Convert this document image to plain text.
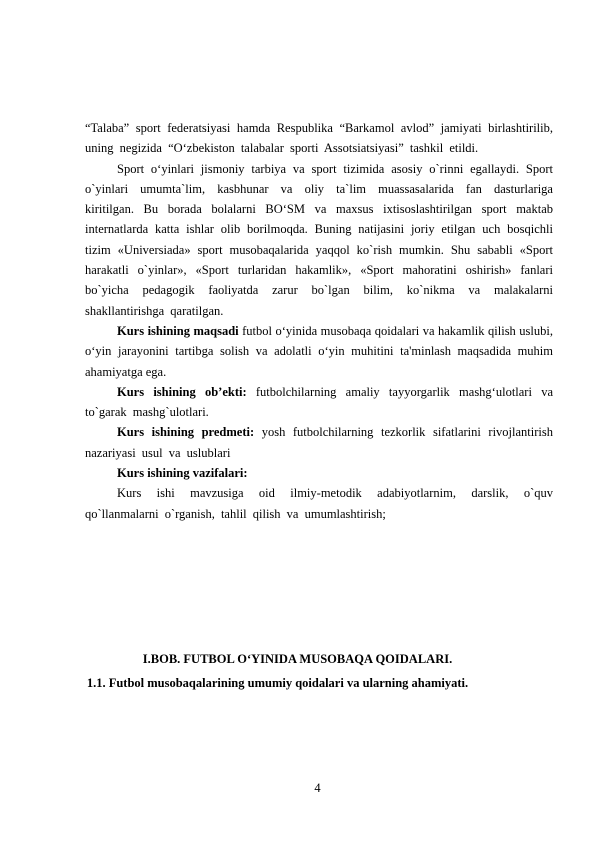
“Talaba” sport federatsiyasi hamda Respublika “Barkamol avlod” jamiyati birlashtirilib, uning negizida “O‘zbekiston talabalar sporti Assotsiatsiyasi” tashkil etildi.

Sport o‘yinlari jismoniy tarbiya va sport tizimida asosiy o`rinni egallaydi. Sport o`yinlari umumta`lim, kasbhunar va oliy ta`lim muassasalarida fan dasturlariga kiritilgan. Bu borada bolalarni BO‘SM va maxsus ixtisoslashtirilgan sport maktab internatlarda katta ishlar olib borilmoqda. Buning natijasini joriy etilgan uch bosqichli tizim «Universiada» sport musobaqalarida yaqqol ko`rish mumkin. Shu sababli «Sport harakatli o`yinlar», «Sport turlaridan hakamlik», «Sport mahoratini oshirish» fanlari bo`yicha pedagogik faoliyatda zarur bo`lgan bilim, ko`nikma va malakalarni shakllantirishga qaratilgan.

Kurs ishining maqsadi futbol o‘yinida musobaqa qoidalari va hakamlik qilish uslubi, o‘yin jarayonini tartibga solish va adolatli o‘yin muhitini ta'minlash maqsadida muhim ahamiyatga ega.

Kurs ishining ob’ekti: futbolchilarning amaliy tayyorgarlik mashg‘ulotlari va to`garak mashg`ulotlari.

Kurs ishining predmeti: yosh futbolchilarning tezkorlik sifatlarini rivojlantirish nazariyasi usul va uslublari

Kurs ishining vazifalari:

Kurs ishi mavzusiga oid ilmiy-metodik adabiyotlarnim, darslik, o`quv qo`llanmalarni o`rganish, tahlil qilish va umumlashtirish;

I.BOB. FUTBOL O‘YINIDA MUSOBAQA QOIDALARI.
1.1. Futbol musobaqalarining umumiy qoidalari va ularning ahamiyati.
4
